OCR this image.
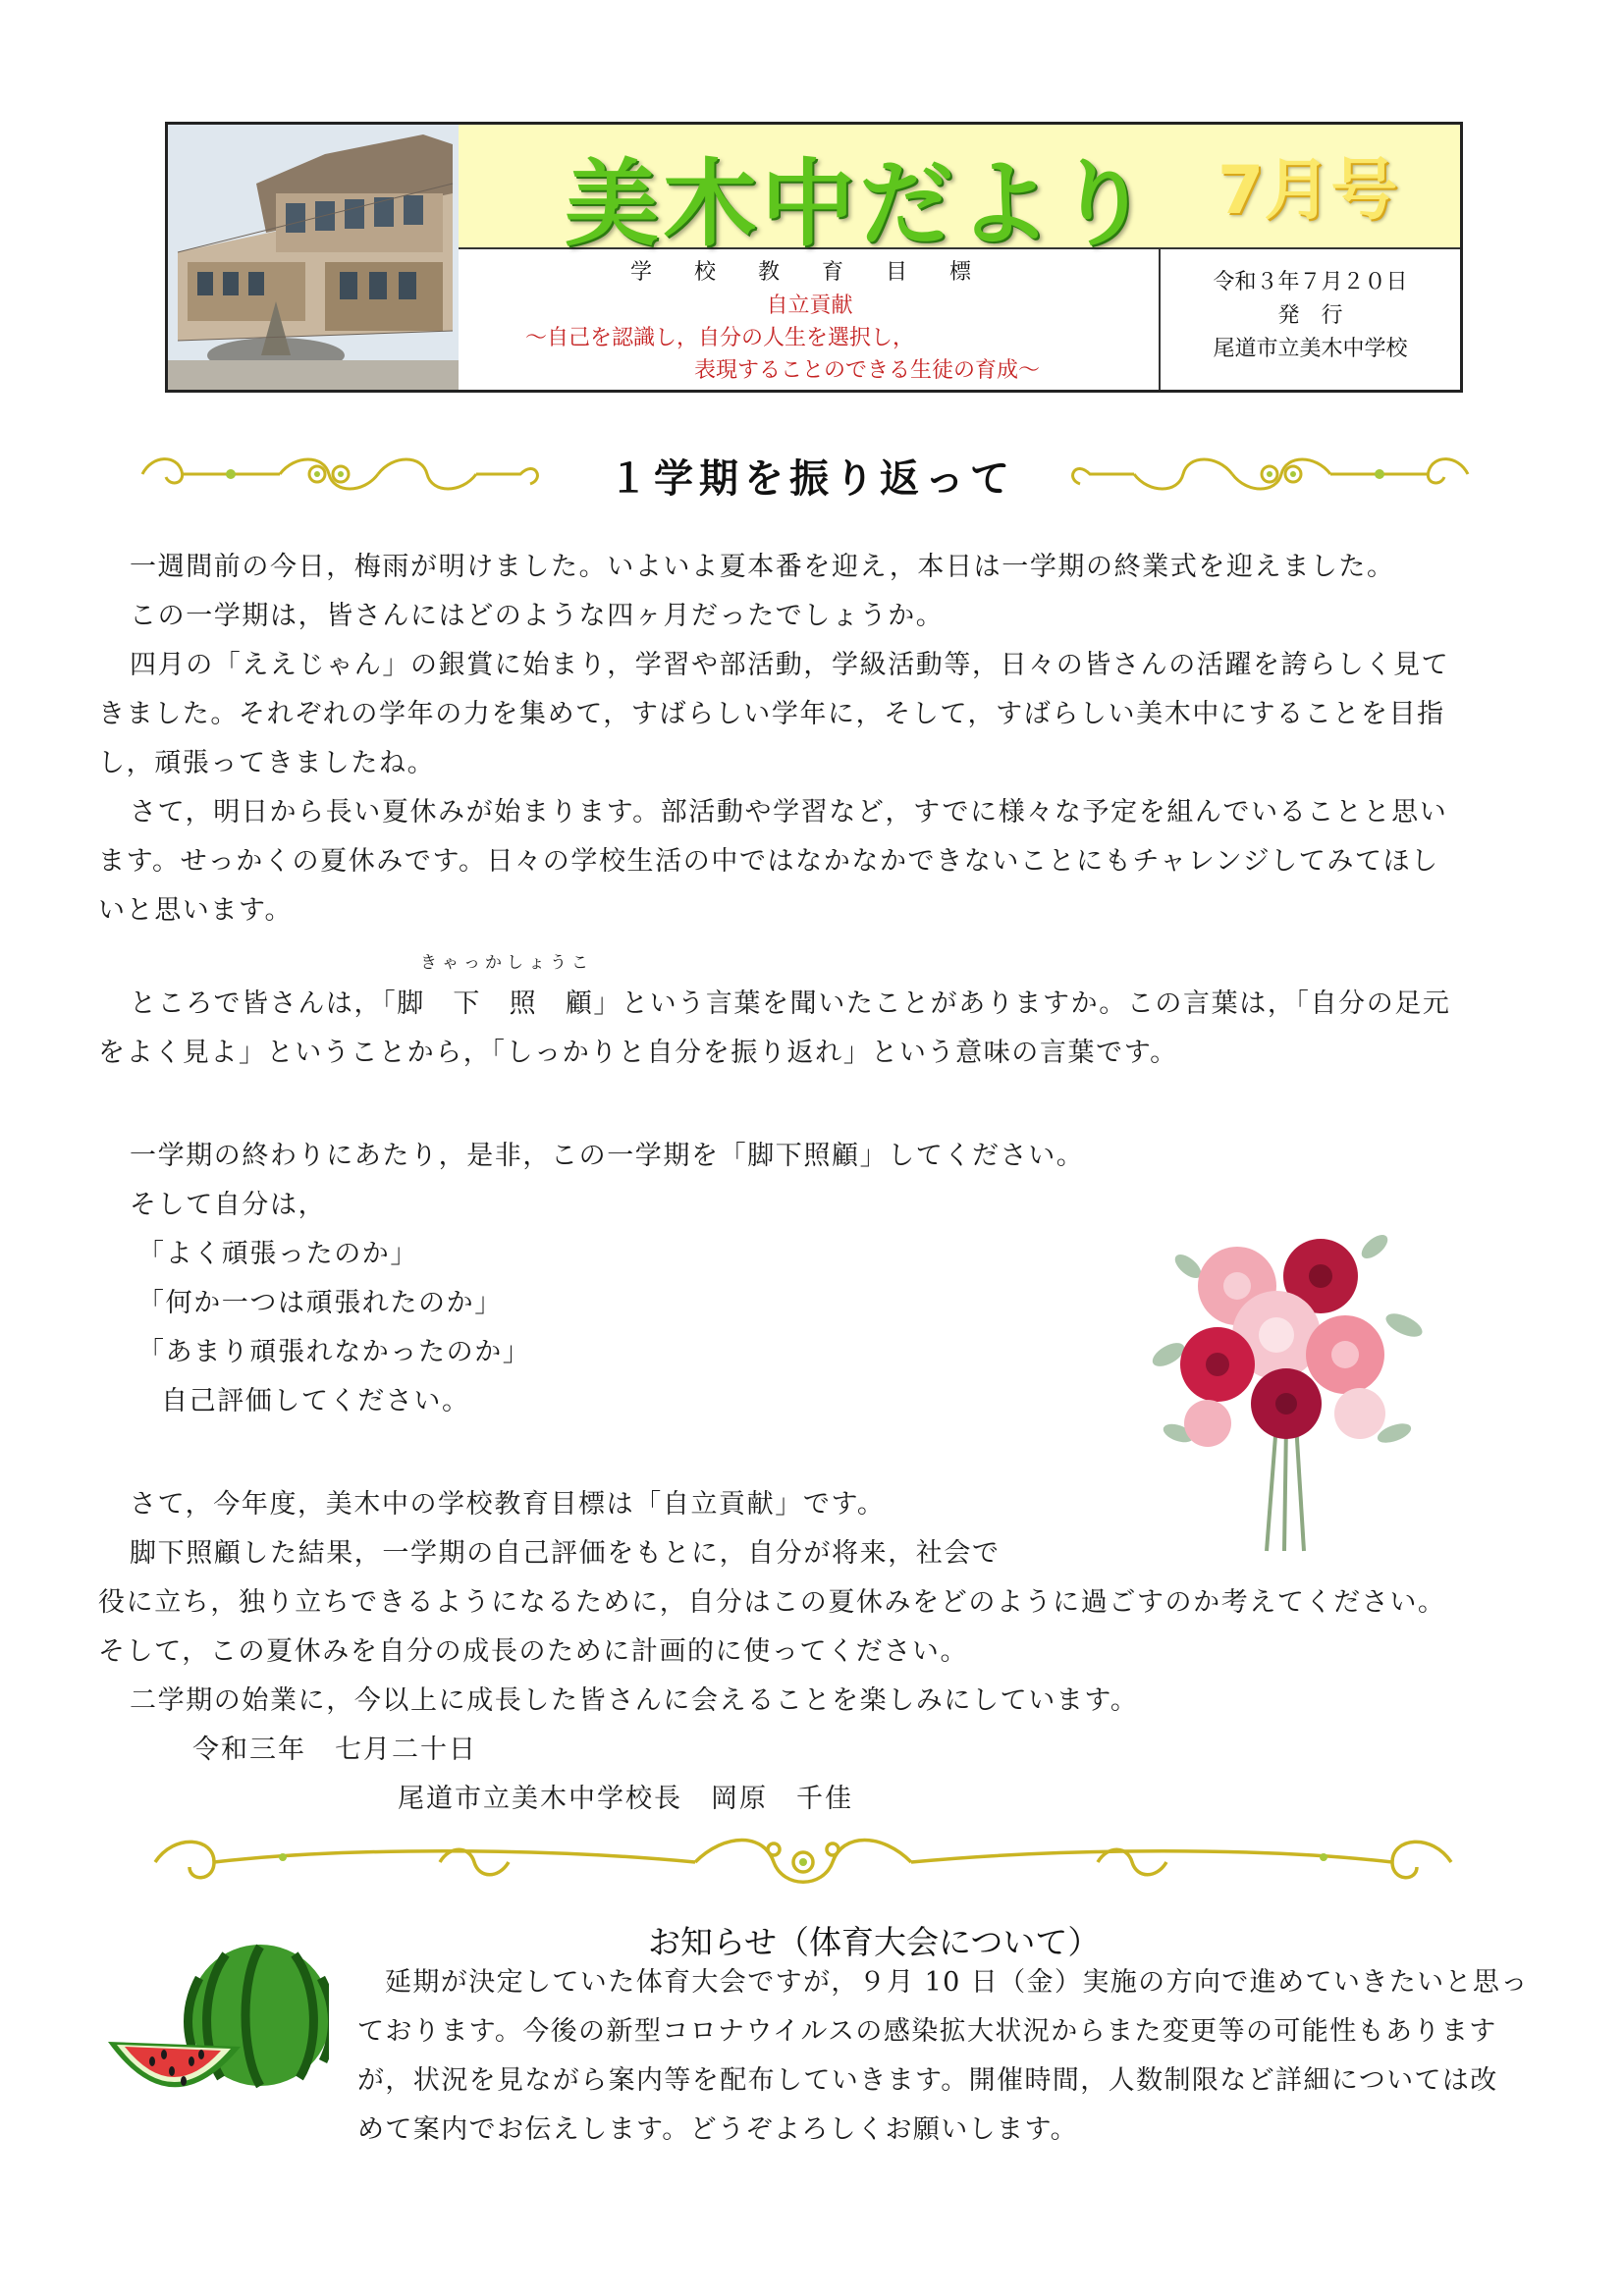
美木中だより 7月号
学 校 教 育 目 標
自立貢献
～自己を認識し，自分の人生を選択し，
表現することのできる生徒の育成～
令和３年７月２０日
発　行
尾道市立美木中学校
１学期を振り返って
一週間前の今日，梅雨が明けました。いよいよ夏本番を迎え，本日は一学期の終業式を迎えました。
この一学期は，皆さんにはどのような四ヶ月だったでしょうか。
四月の「ええじゃん」の銀賞に始まり，学習や部活動，学級活動等，日々の皆さんの活躍を誇らしく見て
きました。それぞれの学年の力を集めて，すばらしい学年に，そして，すばらしい美木中にすることを目指
し，頑張ってきましたね。
さて，明日から長い夏休みが始まります。部活動や学習など，すでに様々な予定を組んでいることと思い
ます。せっかくの夏休みです。日々の学校生活の中ではなかなかできないことにもチャレンジしてみてほし
いと思います。
きゃっかしょうこ
ところで皆さんは，「脚　下　照　顧」という言葉を聞いたことがありますか。この言葉は，「自分の足元
をよく見よ」ということから，「しっかりと自分を振り返れ」という意味の言葉です。
一学期の終わりにあたり，是非，この一学期を「脚下照顧」してください。
そして自分は，
「よく頑張ったのか」
「何か一つは頑張れたのか」
「あまり頑張れなかったのか」
自己評価してください。
さて，今年度，美木中の学校教育目標は「自立貢献」です。
脚下照顧した結果，一学期の自己評価をもとに，自分が将来，社会で
役に立ち，独り立ちできるようになるために，自分はこの夏休みをどのように過ごすのか考えてください。
そして，この夏休みを自分の成長のために計画的に使ってください。
二学期の始業に，今以上に成長した皆さんに会えることを楽しみにしています。
令和三年　七月二十日
尾道市立美木中学校長　岡原　千佳
お知らせ（体育大会について）
延期が決定していた体育大会ですが，９月 10 日（金）実施の方向で進めていきたいと思っ
ております。今後の新型コロナウイルスの感染拡大状況からまた変更等の可能性もあります
が，状況を見ながら案内等を配布していきます。開催時間，人数制限など詳細については改
めて案内でお伝えします。どうぞよろしくお願いします。
